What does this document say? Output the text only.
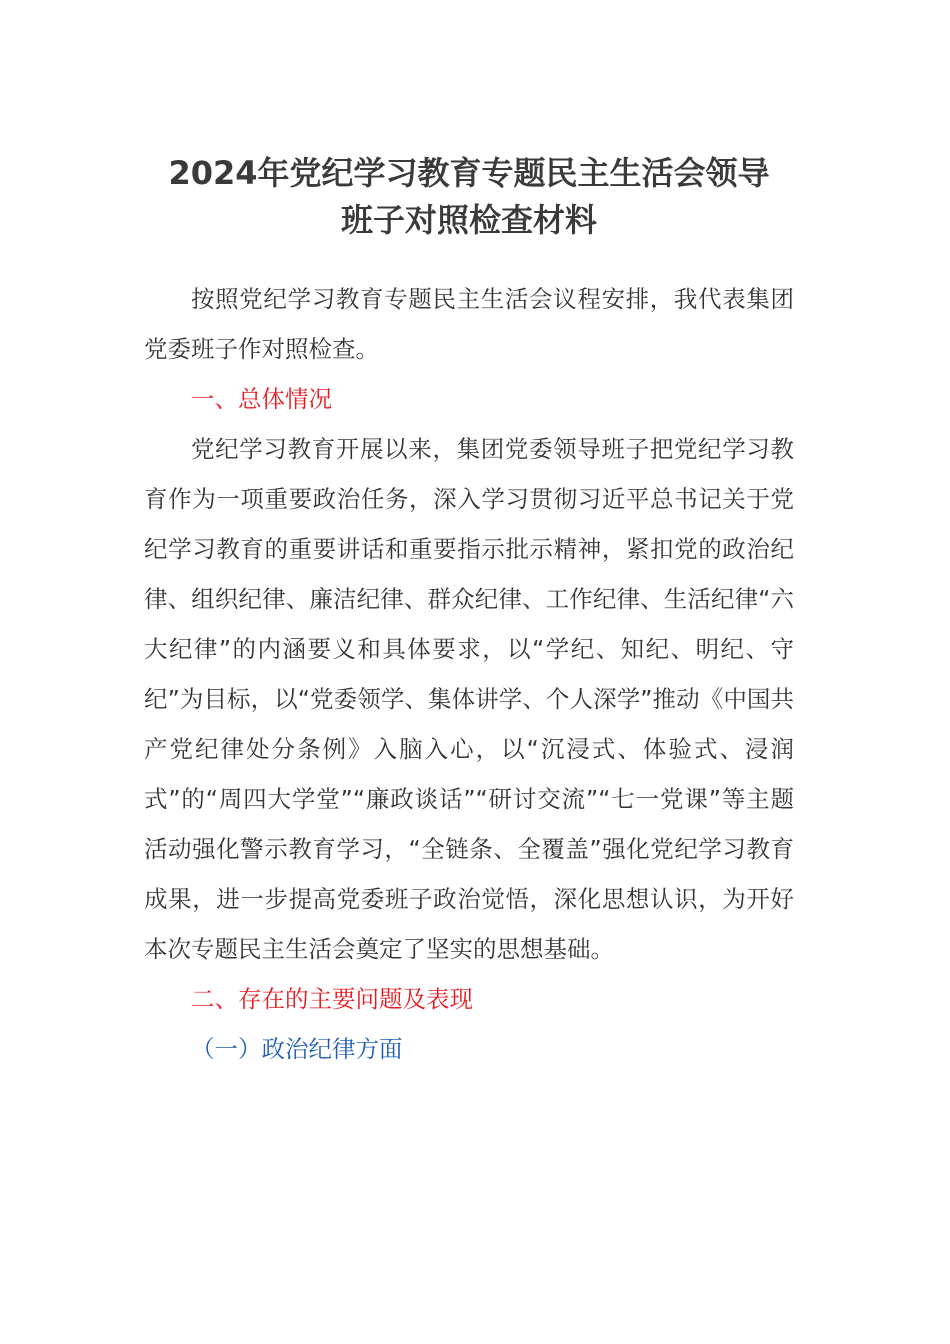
2024年党纪学习教育专题民主生活会领导
班子对照检查材料

按照党纪学习教育专题民主生活会议程安排，我代表集团党委班子作对照检查。

一、总体情况

党纪学习教育开展以来，集团党委领导班子把党纪学习教育作为一项重要政治任务，深入学习贯彻习近平总书记关于党纪学习教育的重要讲话和重要指示批示精神，紧扣党的政治纪律、组织纪律、廉洁纪律、群众纪律、工作纪律、生活纪律“六大纪律”的内涵要义和具体要求，以“学纪、知纪、明纪、守纪”为目标，以“党委领学、集体讲学、个人深学”推动《中国共产党纪律处分条例》入脑入心，以“沉浸式、体验式、浸润式”的“周四大学堂”“廉政谈话”“研讨交流”“七一党课”等主题活动强化警示教育学习，“全链条、全覆盖”强化党纪学习教育成果，进一步提高党委班子政治觉悟，深化思想认识，为开好本次专题民主生活会奠定了坚实的思想基础。

二、存在的主要问题及表现

（一）政治纪律方面
